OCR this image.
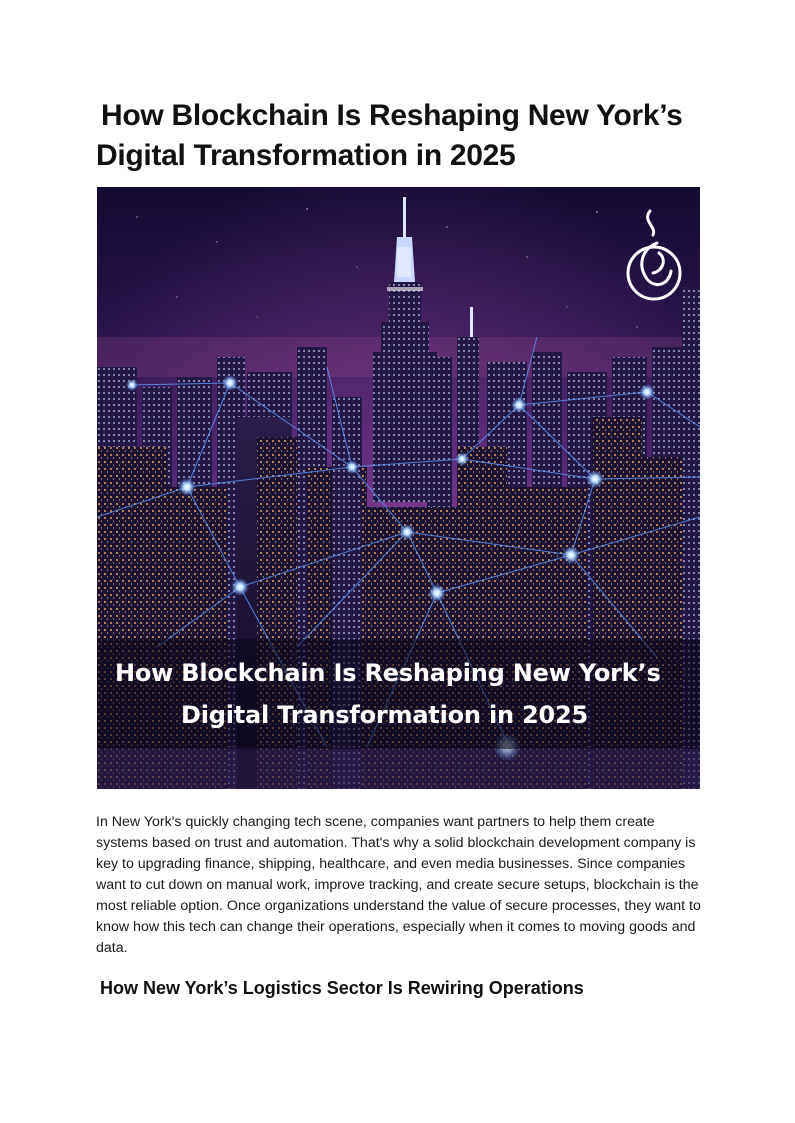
How Blockchain Is Reshaping New York’s
Digital Transformation in 2025
How Blockchain Is Reshaping New York’s
Digital Transformation in 2025

In New York's quickly changing tech scene, companies want partners to help them create systems based on trust and automation. That's why a solid blockchain development company is key to upgrading finance, shipping, healthcare, and even media businesses. Since companies want to cut down on manual work, improve tracking, and create secure setups, blockchain is the most reliable option. Once organizations understand the value of secure processes, they want to know how this tech can change their operations, especially when it comes to moving goods and data.

How New York’s Logistics Sector Is Rewiring Operations
